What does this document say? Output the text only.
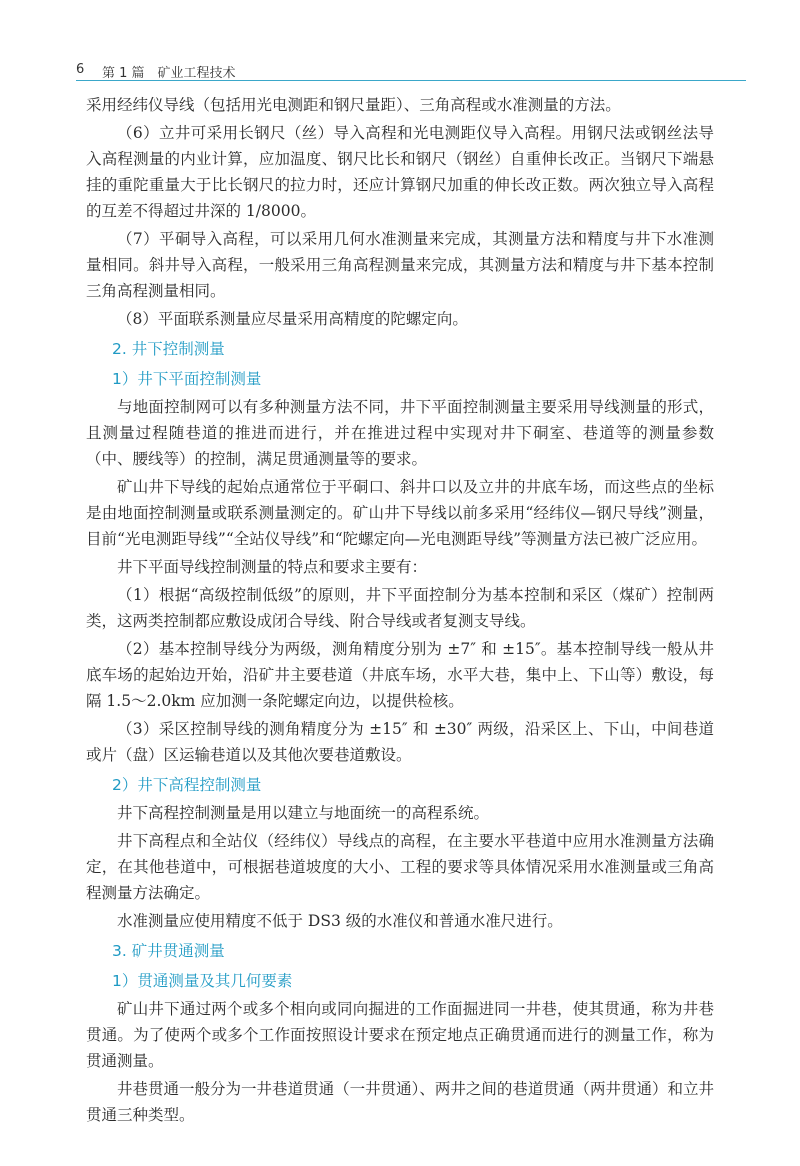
6 第 1 篇　矿业工程技术
采用经纬仪导线（包括用光电测距和钢尺量距）、三角高程或水准测量的方法。
（6）立井可采用长钢尺（丝）导入高程和光电测距仪导入高程。用钢尺法或钢丝法导入高程测量的内业计算，应加温度、钢尺比长和钢尺（钢丝）自重伸长改正。当钢尺下端悬挂的重陀重量大于比长钢尺的拉力时，还应计算钢尺加重的伸长改正数。两次独立导入高程的互差不得超过井深的 1/8000。
（7）平硐导入高程，可以采用几何水准测量来完成，其测量方法和精度与井下水准测量相同。斜井导入高程，一般采用三角高程测量来完成，其测量方法和精度与井下基本控制三角高程测量相同。
（8）平面联系测量应尽量采用高精度的陀螺定向。
2. 井下控制测量
1）井下平面控制测量
与地面控制网可以有多种测量方法不同，井下平面控制测量主要采用导线测量的形式，且测量过程随巷道的推进而进行，并在推进过程中实现对井下硐室、巷道等的测量参数（中、腰线等）的控制，满足贯通测量等的要求。
矿山井下导线的起始点通常位于平硐口、斜井口以及立井的井底车场，而这些点的坐标是由地面控制测量或联系测量测定的。矿山井下导线以前多采用“经纬仪—钢尺导线”测量，目前“光电测距导线”“全站仪导线”和“陀螺定向—光电测距导线”等测量方法已被广泛应用。
井下平面导线控制测量的特点和要求主要有：
（1）根据“高级控制低级”的原则，井下平面控制分为基本控制和采区（煤矿）控制两类，这两类控制都应敷设成闭合导线、附合导线或者复测支导线。
（2）基本控制导线分为两级，测角精度分别为 ±7″ 和 ±15″。基本控制导线一般从井底车场的起始边开始，沿矿井主要巷道（井底车场，水平大巷，集中上、下山等）敷设，每隔 1.5～2.0km 应加测一条陀螺定向边，以提供检核。
（3）采区控制导线的测角精度分为 ±15″ 和 ±30″ 两级，沿采区上、下山，中间巷道或片（盘）区运输巷道以及其他次要巷道敷设。
2）井下高程控制测量
井下高程控制测量是用以建立与地面统一的高程系统。
井下高程点和全站仪（经纬仪）导线点的高程，在主要水平巷道中应用水准测量方法确定，在其他巷道中，可根据巷道坡度的大小、工程的要求等具体情况采用水准测量或三角高程测量方法确定。
水准测量应使用精度不低于 DS3 级的水准仪和普通水准尺进行。
3. 矿井贯通测量
1）贯通测量及其几何要素
矿山井下通过两个或多个相向或同向掘进的工作面掘进同一井巷，使其贯通，称为井巷贯通。为了使两个或多个工作面按照设计要求在预定地点正确贯通而进行的测量工作，称为贯通测量。
井巷贯通一般分为一井巷道贯通（一井贯通）、两井之间的巷道贯通（两井贯通）和立井贯通三种类型。
